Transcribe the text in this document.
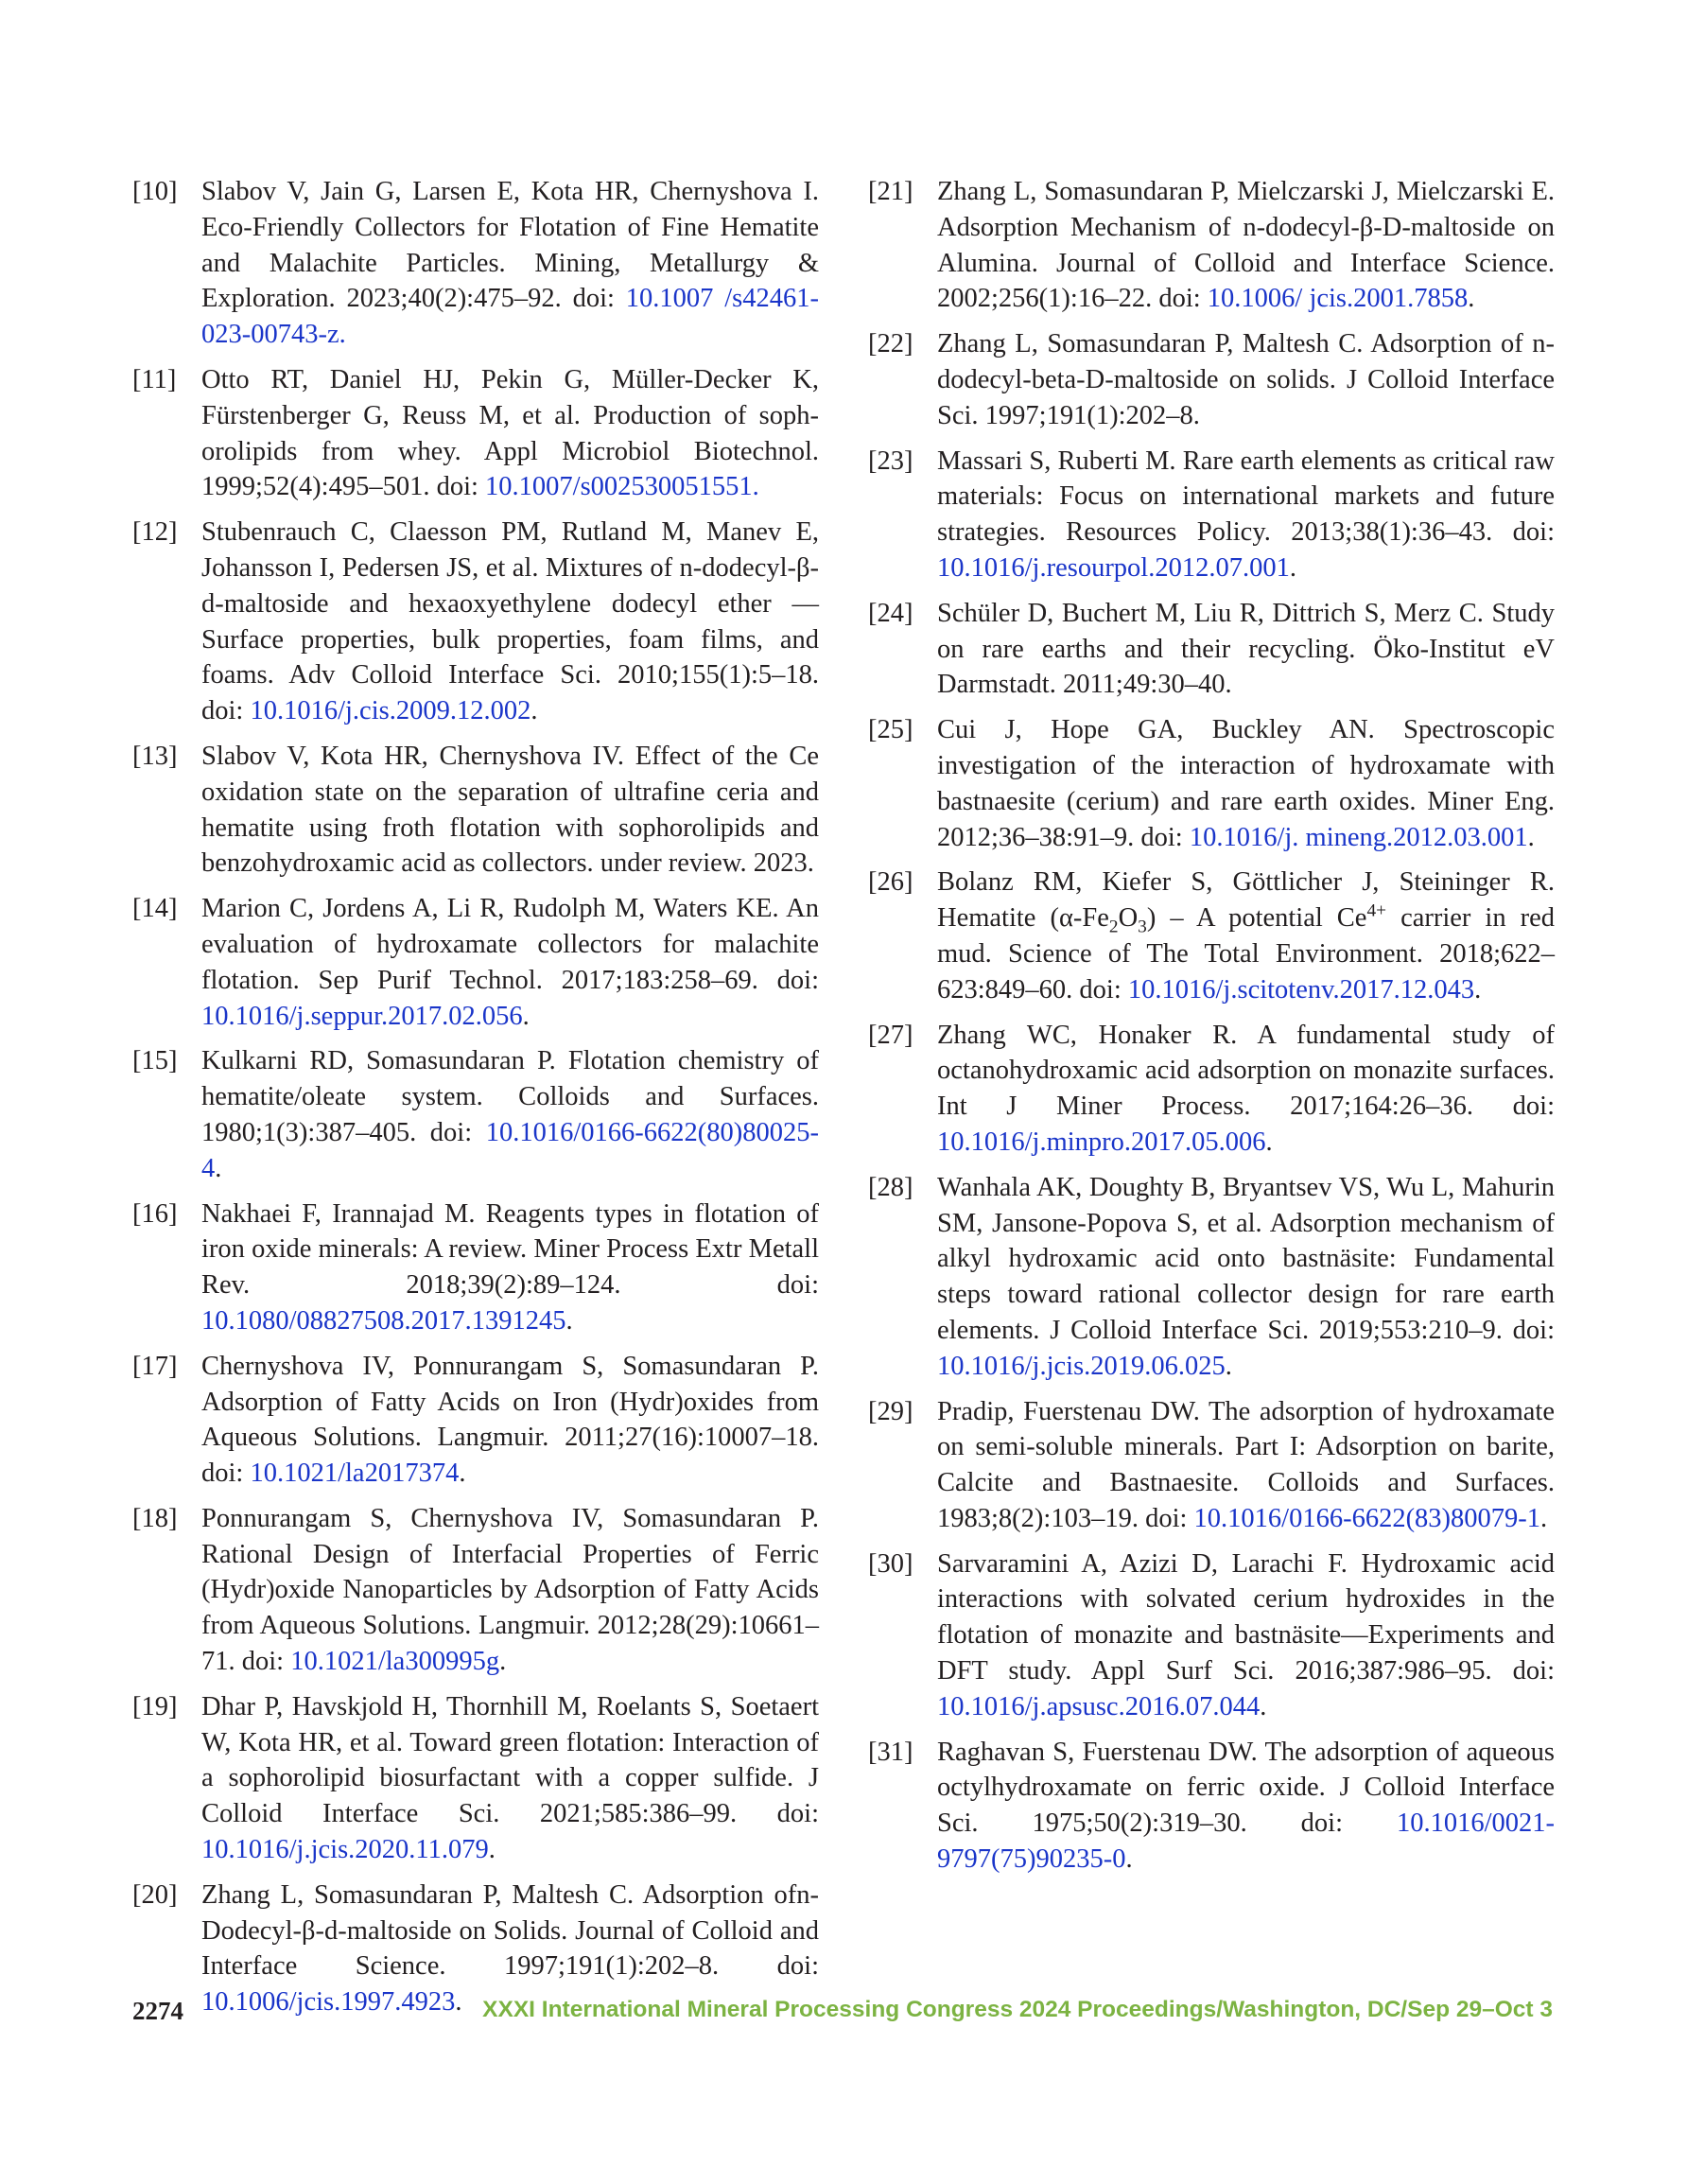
[10] Slabov V, Jain G, Larsen E, Kota HR, Chernyshova I. Eco-Friendly Collectors for Flotation of Fine Hematite and Malachite Particles. Mining, Metallurgy & Exploration. 2023;40(2):475–92. doi: 10.1007 /s42461-023-00743-z.
[11] Otto RT, Daniel HJ, Pekin G, Müller-Decker K, Fürstenberger G, Reuss M, et al. Production of sophorolipids from whey. Appl Microbiol Biotechnol. 1999;52(4):495–501. doi: 10.1007/s002530051551.
[12] Stubenrauch C, Claesson PM, Rutland M, Manev E, Johansson I, Pedersen JS, et al. Mixtures of n-dodecyl-β-d-maltoside and hexaoxyethylene dodecyl ether — Surface properties, bulk properties, foam films, and foams. Adv Colloid Interface Sci. 2010;155(1):5–18. doi: 10.1016/j.cis.2009.12.002.
[13] Slabov V, Kota HR, Chernyshova IV. Effect of the Ce oxidation state on the separation of ultrafine ceria and hematite using froth flotation with sophorolipids and benzohydroxamic acid as collectors. under review. 2023.
[14] Marion C, Jordens A, Li R, Rudolph M, Waters KE. An evaluation of hydroxamate collectors for malachite flotation. Sep Purif Technol. 2017;183:258–69. doi: 10.1016/j.seppur.2017.02.056.
[15] Kulkarni RD, Somasundaran P. Flotation chemistry of hematite/oleate system. Colloids and Surfaces. 1980;1(3):387–405. doi: 10.1016/0166-6622(80)80025-4.
[16] Nakhaei F, Irannajad M. Reagents types in flotation of iron oxide minerals: A review. Miner Process Extr Metall Rev. 2018;39(2):89–124. doi: 10.1080/08827508.2017.1391245.
[17] Chernyshova IV, Ponnurangam S, Somasundaran P. Adsorption of Fatty Acids on Iron (Hydr)oxides from Aqueous Solutions. Langmuir. 2011;27(16):10007–18. doi: 10.1021/la2017374.
[18] Ponnurangam S, Chernyshova IV, Somasundaran P. Rational Design of Interfacial Properties of Ferric (Hydr)oxide Nanoparticles by Adsorption of Fatty Acids from Aqueous Solutions. Langmuir. 2012;28(29):10661–71. doi: 10.1021/la300995g.
[19] Dhar P, Havskjold H, Thornhill M, Roelants S, Soetaert W, Kota HR, et al. Toward green flotation: Interaction of a sophorolipid biosurfactant with a copper sulfide. J Colloid Interface Sci. 2021;585:386–99. doi: 10.1016/j.jcis.2020.11.079.
[20] Zhang L, Somasundaran P, Maltesh C. Adsorption ofn-Dodecyl-β-d-maltoside on Solids. Journal of Colloid and Interface Science. 1997;191(1):202–8. doi: 10.1006/jcis.1997.4923.
[21] Zhang L, Somasundaran P, Mielczarski J, Mielczarski E. Adsorption Mechanism of n-dodecyl-β-D-maltoside on Alumina. Journal of Colloid and Interface Science. 2002;256(1):16–22. doi: 10.1006/ jcis.2001.7858.
[22] Zhang L, Somasundaran P, Maltesh C. Adsorption of n-dodecyl-beta-D-maltoside on solids. J Colloid Interface Sci. 1997;191(1):202–8.
[23] Massari S, Ruberti M. Rare earth elements as critical raw materials: Focus on international markets and future strategies. Resources Policy. 2013;38(1):36–43. doi: 10.1016/j.resourpol.2012.07.001.
[24] Schüler D, Buchert M, Liu R, Dittrich S, Merz C. Study on rare earths and their recycling. Öko-Institut eV Darmstadt. 2011;49:30–40.
[25] Cui J, Hope GA, Buckley AN. Spectroscopic investigation of the interaction of hydroxamate with bastnaesite (cerium) and rare earth oxides. Miner Eng. 2012;36–38:91–9. doi: 10.1016/j. mineng.2012.03.001.
[26] Bolanz RM, Kiefer S, Göttlicher J, Steininger R. Hematite $(\alpha-Fe_2O_3)$ – A potential $Ce^{4+}$ carrier in red mud. Science of The Total Environment. 2018;622–623:849–60. doi: 10.1016/j.scitotenv.2017.12.043.
[27] Zhang WC, Honaker R. A fundamental study of octanohydroxamic acid adsorption on monazite surfaces. Int J Miner Process. 2017;164:26–36. doi: 10.1016/j.minpro.2017.05.006.
[28] Wanhala AK, Doughty B, Bryantsev VS, Wu L, Mahurin SM, Jansone-Popova S, et al. Adsorption mechanism of alkyl hydroxamic acid onto bastnäsite: Fundamental steps toward rational collector design for rare earth elements. J Colloid Interface Sci. 2019;553:210–9. doi: 10.1016/j.jcis.2019.06.025.
[29] Pradip, Fuerstenau DW. The adsorption of hydroxamate on semi-soluble minerals. Part I: Adsorption on barite, Calcite and Bastnaesite. Colloids and Surfaces. 1983;8(2):103–19. doi: 10.1016/0166-6622(83)80079-1.
[30] Sarvaramini A, Azizi D, Larachi F. Hydroxamic acid interactions with solvated cerium hydroxides in the flotation of monazite and bastnäsite—Experiments and DFT study. Appl Surf Sci. 2016;387:986–95. doi: 10.1016/j.apsusc.2016.07.044.
[31] Raghavan S, Fuerstenau DW. The adsorption of aqueous octylhydroxamate on ferric oxide. J Colloid Interface Sci. 1975;50(2):319–30. doi: 10.1016/0021-9797(75)90235-0.
2274	XXXI International Mineral Processing Congress 2024 Proceedings/Washington, DC/Sep 29–Oct 3
